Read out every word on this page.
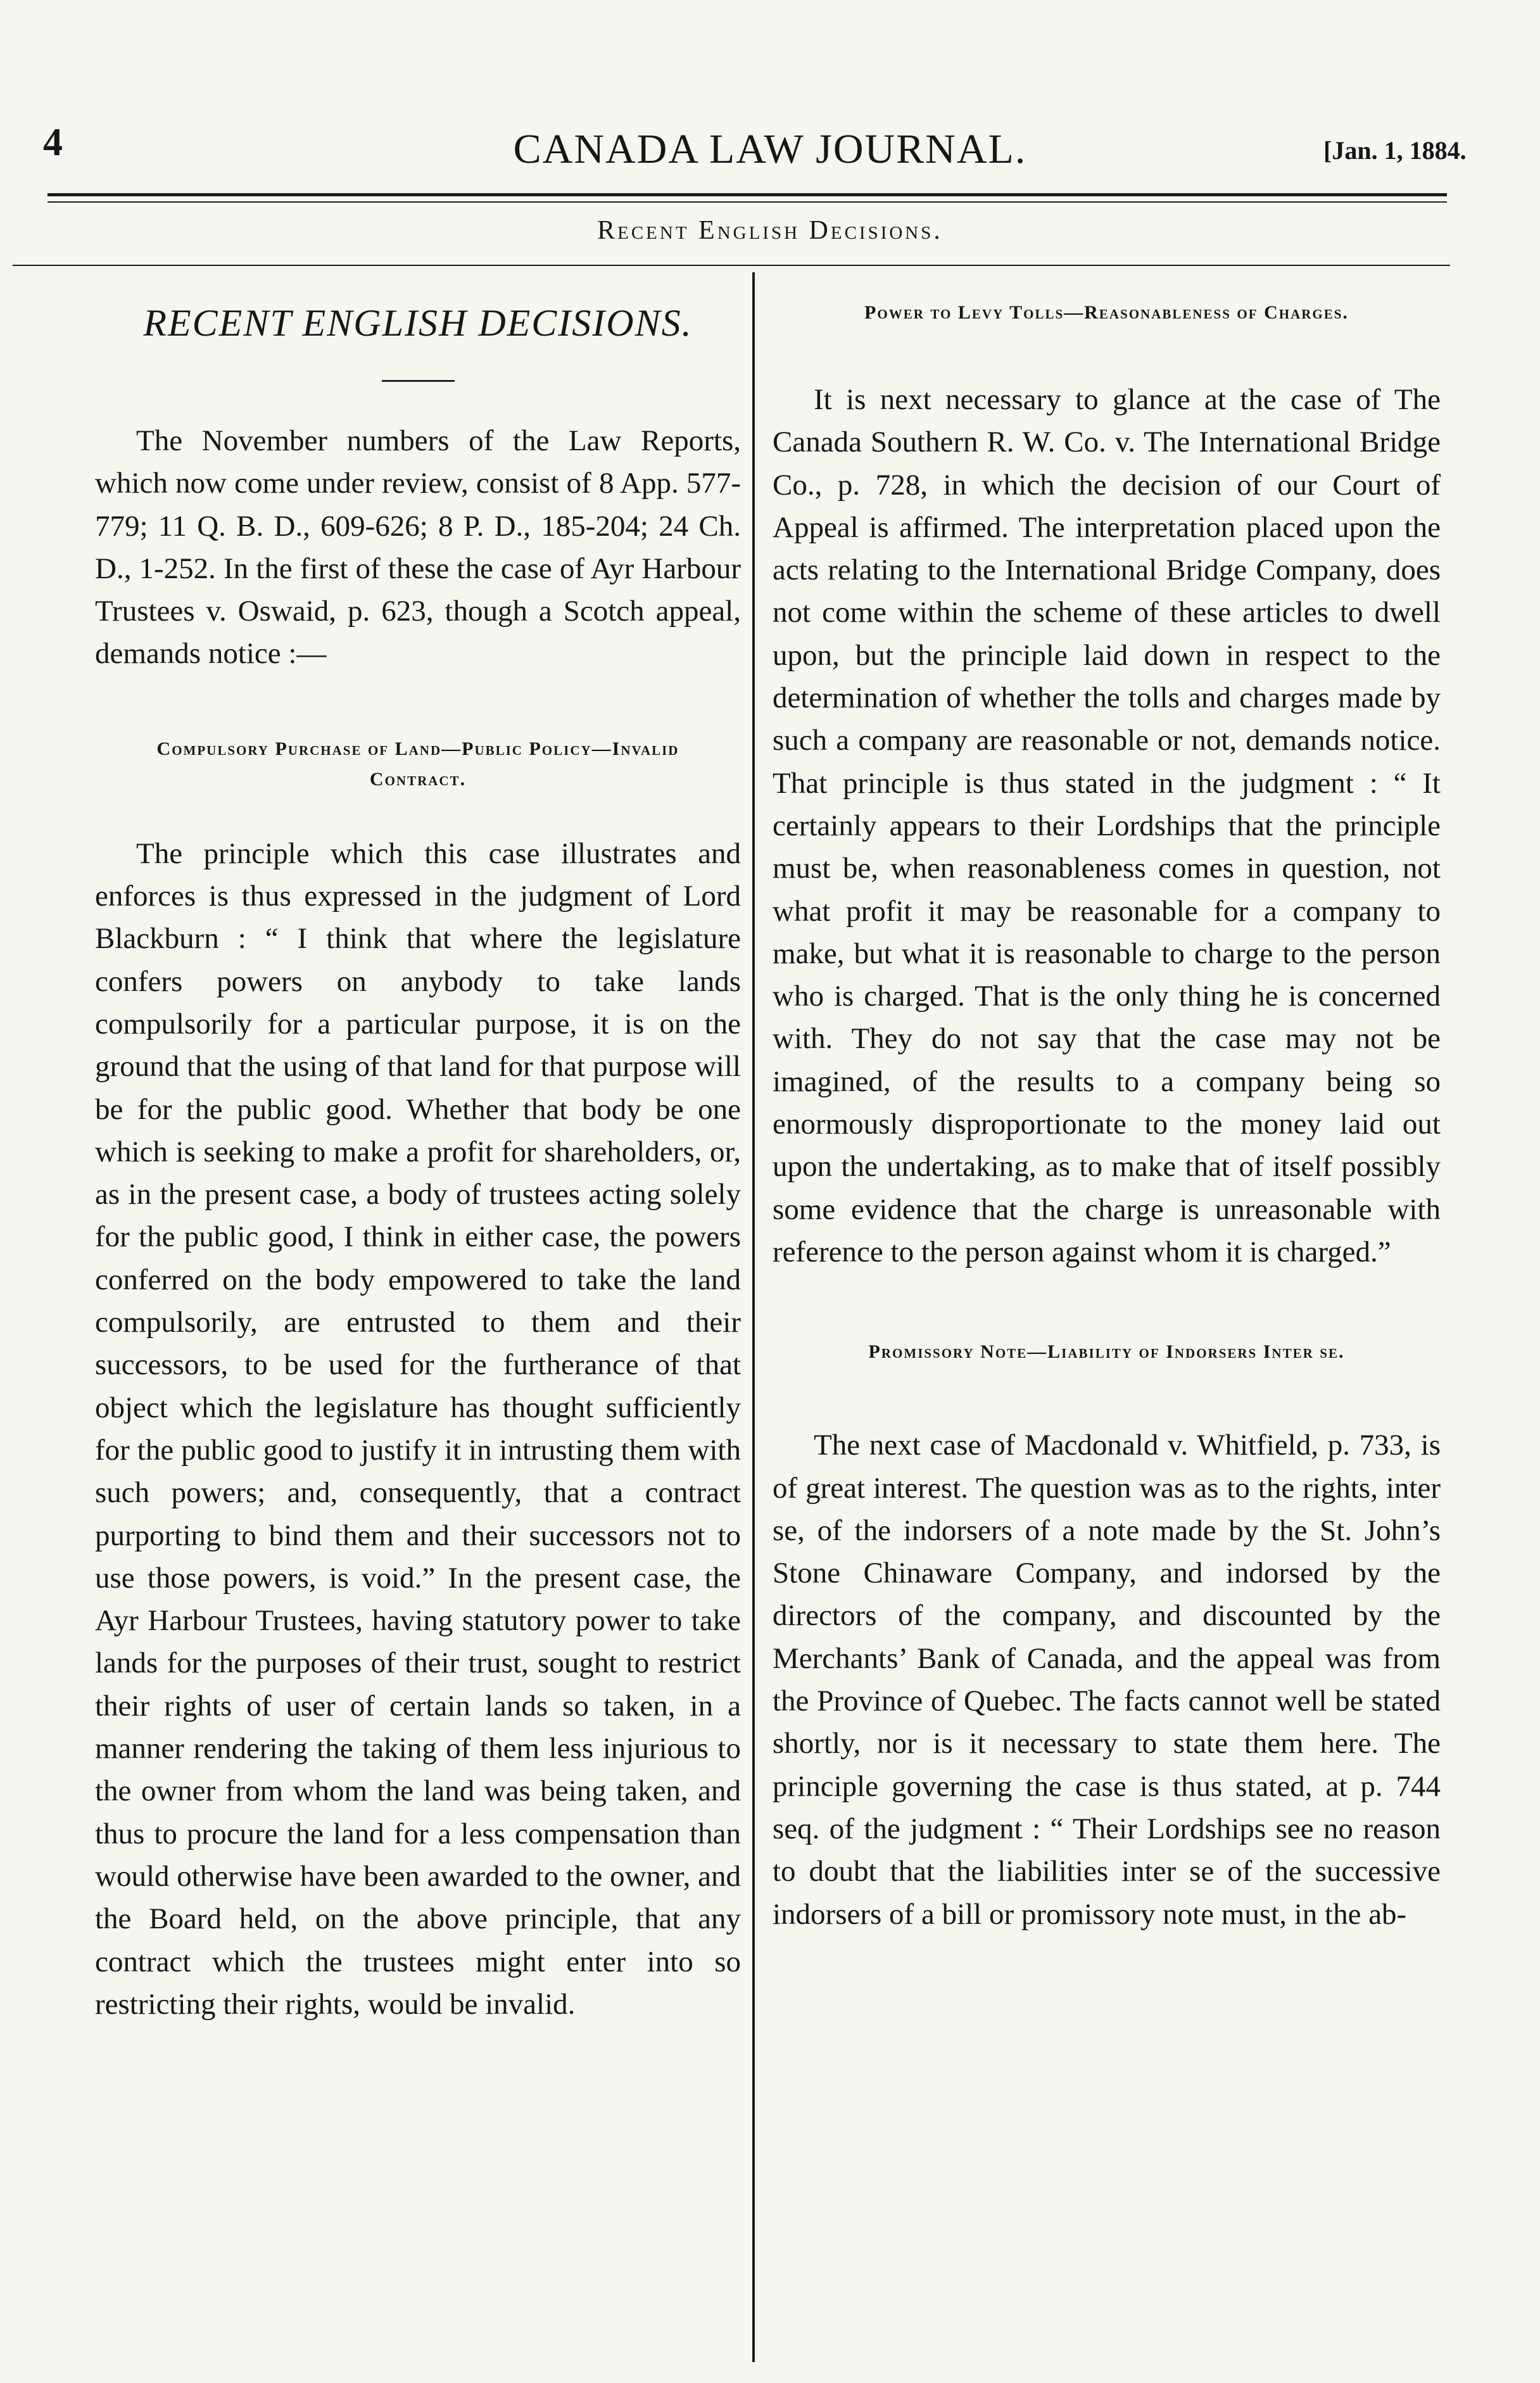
4	CANADA LAW JOURNAL.	[Jan. 1, 1884.
Recent English Decisions.
RECENT ENGLISH DECISIONS.

The November numbers of the Law Reports, which now come under review, consist of 8 App. 577-779; 11 Q. B. D., 609-626; 8 P. D., 185-204; 24 Ch. D., 1-252. In the first of these the case of Ayr Harbour Trustees v. Oswaid, p. 623, though a Scotch appeal, demands notice :—

Compulsory Purchase of Land—Public Policy—Invalid Contract.

The principle which this case illustrates and enforces is thus expressed in the judgment of Lord Blackburn : “ I think that where the legislature confers powers on anybody to take lands compulsorily for a particular purpose, it is on the ground that the using of that land for that purpose will be for the public good. Whether that body be one which is seeking to make a profit for shareholders, or, as in the present case, a body of trustees acting solely for the public good, I think in either case, the powers conferred on the body empowered to take the land compulsorily, are entrusted to them and their successors, to be used for the furtherance of that object which the legislature has thought sufficiently for the public good to justify it in intrusting them with such powers; and, consequently, that a contract purporting to bind them and their successors not to use those powers, is void.” In the present case, the Ayr Harbour Trustees, having statutory power to take lands for the purposes of their trust, sought to restrict their rights of user of certain lands so taken, in a manner rendering the taking of them less injurious to the owner from whom the land was being taken, and thus to procure the land for a less compensation than would otherwise have been awarded to the owner, and the Board held, on the above principle, that any contract which the trustees might enter into so restricting their rights, would be invalid.

Power to Levy Tolls—Reasonableness of Charges.

It is next necessary to glance at the case of The Canada Southern R. W. Co. v. The International Bridge Co., p. 728, in which the decision of our Court of Appeal is affirmed. The interpretation placed upon the acts relating to the International Bridge Company, does not come within the scheme of these articles to dwell upon, but the principle laid down in respect to the determination of whether the tolls and charges made by such a company are reasonable or not, demands notice. That principle is thus stated in the judgment : “ It certainly appears to their Lordships that the principle must be, when reasonableness comes in question, not what profit it may be reasonable for a company to make, but what it is reasonable to charge to the person who is charged. That is the only thing he is concerned with. They do not say that the case may not be imagined, of the results to a company being so enormously disproportionate to the money laid out upon the undertaking, as to make that of itself possibly some evidence that the charge is unreasonable with reference to the person against whom it is charged.”

Promissory Note—Liability of Indorsers Inter se.

The next case of Macdonald v. Whitfield, p. 733, is of great interest. The question was as to the rights, inter se, of the indorsers of a note made by the St. John’s Stone Chinaware Company, and indorsed by the directors of the company, and discounted by the Merchants’ Bank of Canada, and the appeal was from the Province of Quebec. The facts cannot well be stated shortly, nor is it necessary to state them here. The principle governing the case is thus stated, at p. 744 seq. of the judgment : “ Their Lordships see no reason to doubt that the liabilities inter se of the successive indorsers of a bill or promissory note must, in the ab-
